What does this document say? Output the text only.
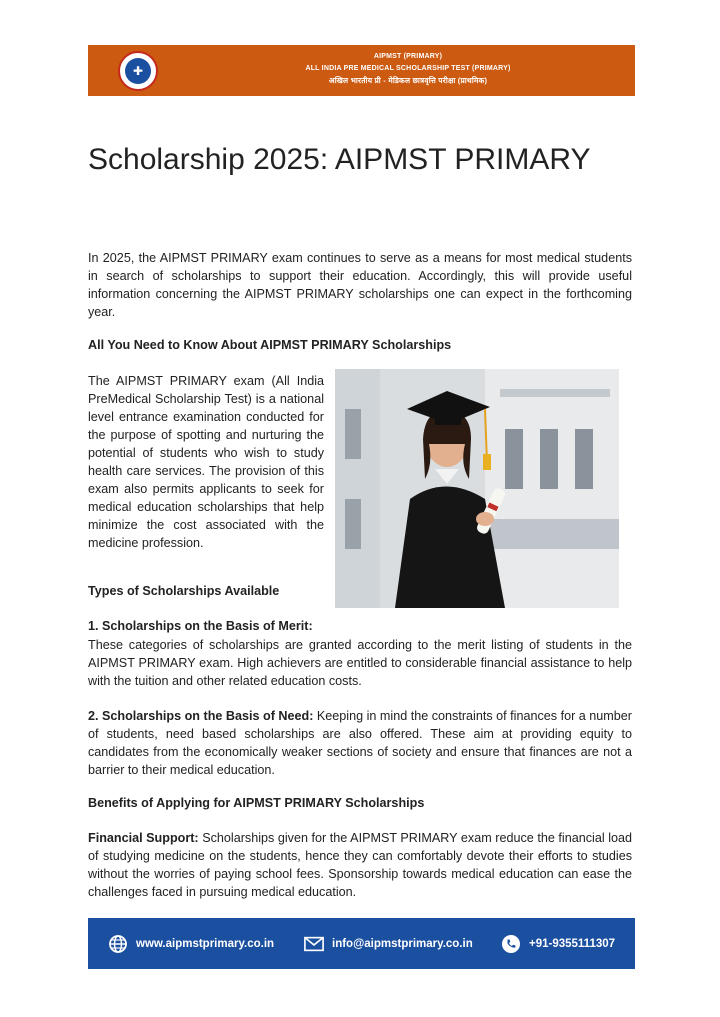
✚
AIPMST (PRIMARY)
ALL INDIA PRE MEDICAL SCHOLARSHIP TEST (PRIMARY)
अखिल भारतीय प्री - मेडिकल छात्रवृत्ति परीक्षा (प्राथमिक)
Scholarship 2025: AIPMST PRIMARY

In 2025, the AIPMST PRIMARY exam continues to serve as a means for most medical students in search of scholarships to support their education. Accordingly, this will provide useful information concerning the AIPMST PRIMARY scholarships one can expect in the forthcoming year.

All You Need to Know About AIPMST PRIMARY Scholarships

The AIPMST PRIMARY exam (All India PreMedical Scholarship Test) is a national level entrance examination conducted for the purpose of spotting and nurturing the potential of students who wish to study health care services. The provision of this exam also permits applicants to seek for medical education scholarships that help minimize the cost associated with the medicine profession.

Types of Scholarships Available

1. Scholarships on the Basis of Merit:

These categories of scholarships are granted according to the merit listing of students in the AIPMST PRIMARY exam. High achievers are entitled to considerable financial assistance to help with the tuition and other related education costs.

2. Scholarships on the Basis of Need: Keeping in mind the constraints of finances for a number of students, need based scholarships are also offered. These aim at providing equity to candidates from the economically weaker sections of society and ensure that finances are not a barrier to their medical education.

Benefits of Applying for AIPMST PRIMARY Scholarships

Financial Support: Scholarships given for the AIPMST PRIMARY exam reduce the financial load of studying medicine on the students, hence they can comfortably devote their efforts to studies without the worries of paying school fees. Sponsorship towards medical education can ease the challenges faced in pursuing medical education.

www.aipmstprimary.co.in	info@aipmstprimary.co.in	+91-9355111307
